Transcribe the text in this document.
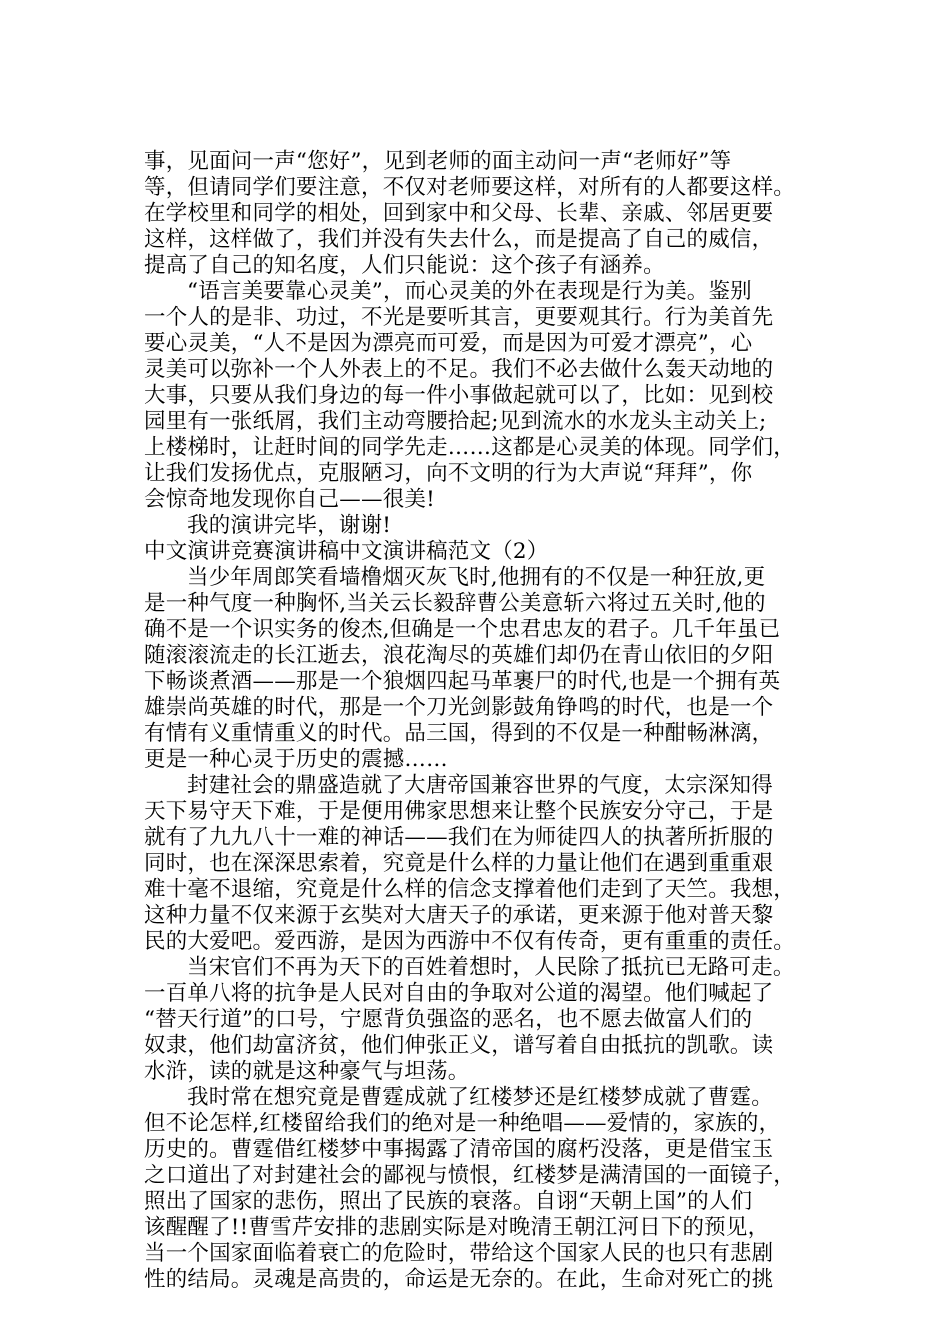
事，见面问一声“您好”，见到老师的面主动问一声“老师好”等
等，但请同学们要注意，不仅对老师要这样，对所有的人都要这样。
在学校里和同学的相处，回到家中和父母、长辈、亲戚、邻居更要
这样，这样做了，我们并没有失去什么，而是提高了自己的威信，
提高了自己的知名度，人们只能说：这个孩子有涵养。
“语言美要靠心灵美”，而心灵美的外在表现是行为美。鉴别
一个人的是非、功过，不光是要听其言，更要观其行。行为美首先
要心灵美，“人不是因为漂亮而可爱，而是因为可爱才漂亮”，心
灵美可以弥补一个人外表上的不足。我们不必去做什么轰天动地的
大事，只要从我们身边的每一件小事做起就可以了，比如：见到校
园里有一张纸屑，我们主动弯腰拾起;见到流水的水龙头主动关上;
上楼梯时，让赶时间的同学先走……这都是心灵美的体现。同学们，
让我们发扬优点，克服陋习，向不文明的行为大声说“拜拜”，你
会惊奇地发现你自己——很美!
我的演讲完毕，谢谢!
中文演讲竞赛演讲稿中文演讲稿范文（2）
当少年周郎笑看墙橹烟灭灰飞时,他拥有的不仅是一种狂放,更
是一种气度一种胸怀,当关云长毅辞曹公美意斩六将过五关时,他的
确不是一个识实务的俊杰,但确是一个忠君忠友的君子。几千年虽已
随滚滚流走的长江逝去，浪花淘尽的英雄们却仍在青山依旧的夕阳
下畅谈煮酒——那是一个狼烟四起马革裹尸的时代,也是一个拥有英
雄崇尚英雄的时代，那是一个刀光剑影鼓角铮鸣的时代，也是一个
有情有义重情重义的时代。品三国，得到的不仅是一种酣畅淋漓，
更是一种心灵于历史的震撼……
封建社会的鼎盛造就了大唐帝国兼容世界的气度，太宗深知得
天下易守天下难，于是便用佛家思想来让整个民族安分守己，于是
就有了九九八十一难的神话——我们在为师徒四人的执著所折服的
同时，也在深深思索着，究竟是什么样的力量让他们在遇到重重艰
难十毫不退缩，究竟是什么样的信念支撑着他们走到了天竺。我想，
这种力量不仅来源于玄奘对大唐天子的承诺，更来源于他对普天黎
民的大爱吧。爱西游，是因为西游中不仅有传奇，更有重重的责任。
当宋官们不再为天下的百姓着想时，人民除了抵抗已无路可走。
一百单八将的抗争是人民对自由的争取对公道的渴望。他们喊起了
“替天行道”的口号，宁愿背负强盗的恶名，也不愿去做富人们的
奴隶，他们劫富济贫，他们伸张正义，谱写着自由抵抗的凯歌。读
水浒，读的就是这种豪气与坦荡。
我时常在想究竟是曹霆成就了红楼梦还是红楼梦成就了曹霆。
但不论怎样,红楼留给我们的绝对是一种绝唱——爱情的，家族的，
历史的。曹霆借红楼梦中事揭露了清帝国的腐朽没落，更是借宝玉
之口道出了对封建社会的鄙视与愤恨，红楼梦是满清国的一面镜子，
照出了国家的悲伤，照出了民族的衰落。自诩“天朝上国”的人们
该醒醒了!!曹雪芹安排的悲剧实际是对晚清王朝江河日下的预见，
当一个国家面临着衰亡的危险时，带给这个国家人民的也只有悲剧
性的结局。灵魂是高贵的，命运是无奈的。在此，生命对死亡的挑
